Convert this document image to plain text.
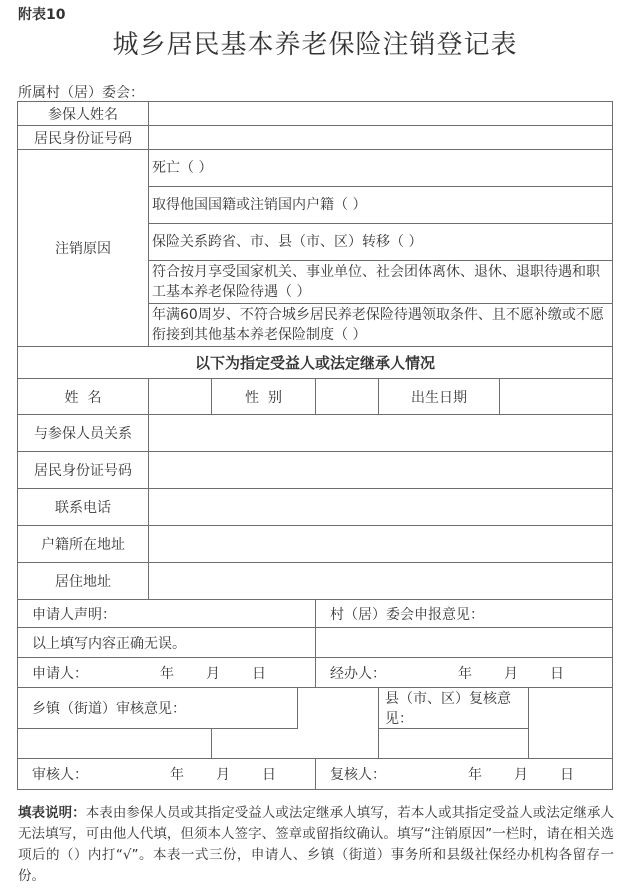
附表10
城乡居民基本养老保险注销登记表
所属村（居）委会：
参保人姓名							
居民身份证号码							
注销原因	死亡（ ）						
	取得他国国籍或注销国内户籍（ ）						
	保险关系跨省、市、县（市、区）转移（ ）						
	符合按月享受国家机关、事业单位、社会团体离休、退休、退职待遇和职工基本养老保险待遇（ ）						
	年满60周岁、不符合城乡居民养老保险待遇领取条件、且不愿补缴或不愿衔接到其他基本养老保险制度（ ）						
以下为指定受益人或法定继承人情况							
姓  名		性  别			出生日期		
与参保人员关系							
居民身份证号码							
联系电话							
户籍所在地址							
居住地址							
申请人声明：				村（居）委会申报意见：			
以上填写内容正确无误。							
申请人： 年 月 日				经办人： 年 月 日			
乡镇（街道）审核意见：					县（市、区）复核意见：		

审核人： 年 月 日				复核人： 年 月 日			
填表说明：本表由参保人员或其指定受益人或法定继承人填写，若本人或其指定受益人或法定继承人无法填写，可由他人代填，但须本人签字、签章或留指纹确认。填写“注销原因”一栏时，请在相关选项后的（）内打“√”。本表一式三份，申请人、乡镇（街道）事务所和县级社保经办机构各留存一份。
